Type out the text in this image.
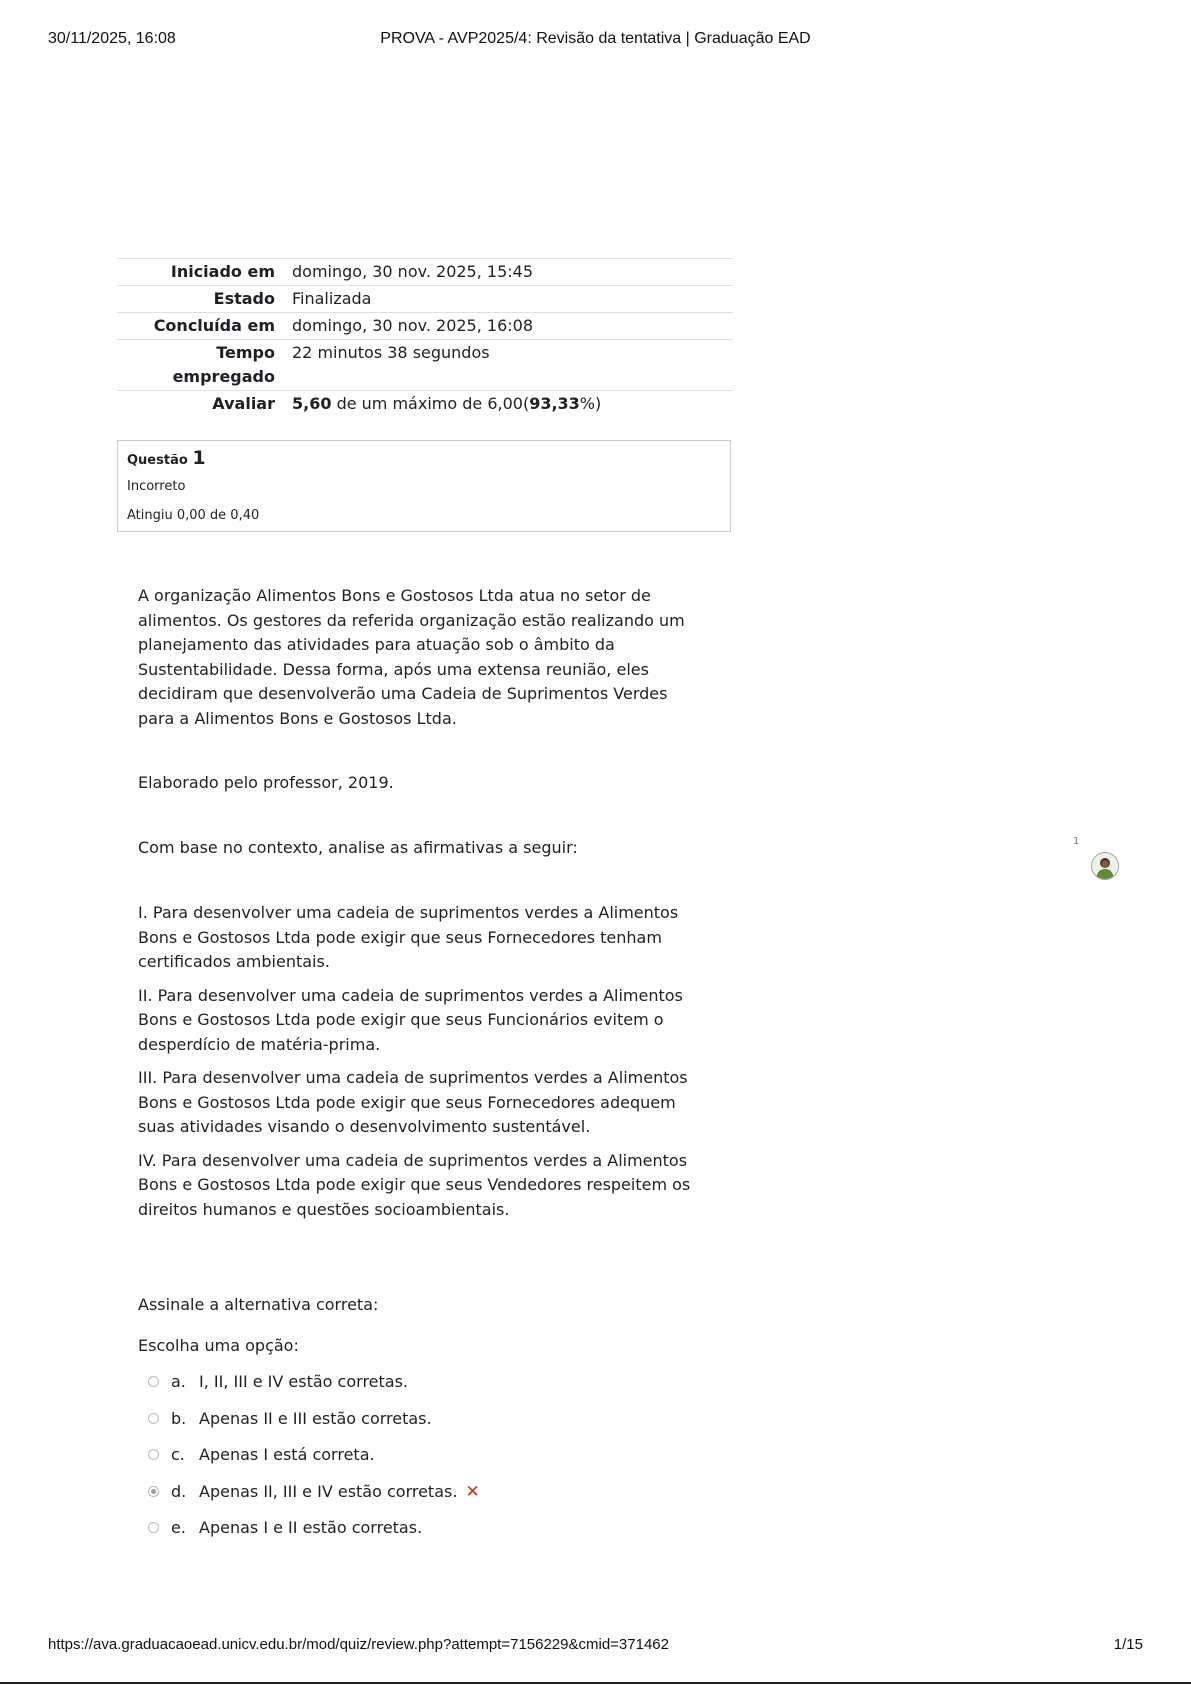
30/11/2025, 16:08	PROVA - AVP2025/4: Revisão da tentativa | Graduação EAD
Iniciado em	domingo, 30 nov. 2025, 15:45
Estado	Finalizada
Concluída em	domingo, 30 nov. 2025, 16:08
Tempo
empregado	22 minutos 38 segundos
Avaliar	5,60 de um máximo de 6,00(93,33%)
Questão 1
Incorreto
Atingiu 0,00 de 0,40

A organização Alimentos Bons e Gostosos Ltda atua no setor de alimentos. Os gestores da referida organização estão realizando um planejamento das atividades para atuação sob o âmbito da Sustentabilidade. Dessa forma, após uma extensa reunião, eles decidiram que desenvolverão uma Cadeia de Suprimentos Verdes para a Alimentos Bons e Gostosos Ltda.

Elaborado pelo professor, 2019.

Com base no contexto, analise as afirmativas a seguir:

I. Para desenvolver uma cadeia de suprimentos verdes a Alimentos Bons e Gostosos Ltda pode exigir que seus Fornecedores tenham certificados ambientais.

II. Para desenvolver uma cadeia de suprimentos verdes a Alimentos Bons e Gostosos Ltda pode exigir que seus Funcionários evitem o desperdício de matéria-prima.

III. Para desenvolver uma cadeia de suprimentos verdes a Alimentos Bons e Gostosos Ltda pode exigir que seus Fornecedores adequem suas atividades visando o desenvolvimento sustentável.

IV. Para desenvolver uma cadeia de suprimentos verdes a Alimentos Bons e Gostosos Ltda pode exigir que seus Vendedores respeitem os direitos humanos e questões socioambientais.

Assinale a alternativa correta:

Escolha uma opção:
a. I, II, III e IV estão corretas.
b. Apenas II e III estão corretas.
c. Apenas I está correta.
d. Apenas II, III e IV estão corretas. ✕
e. Apenas I e II estão corretas.
1
https://ava.graduacaoead.unicv.edu.br/mod/quiz/review.php?attempt=7156229&cmid=371462	1/15
